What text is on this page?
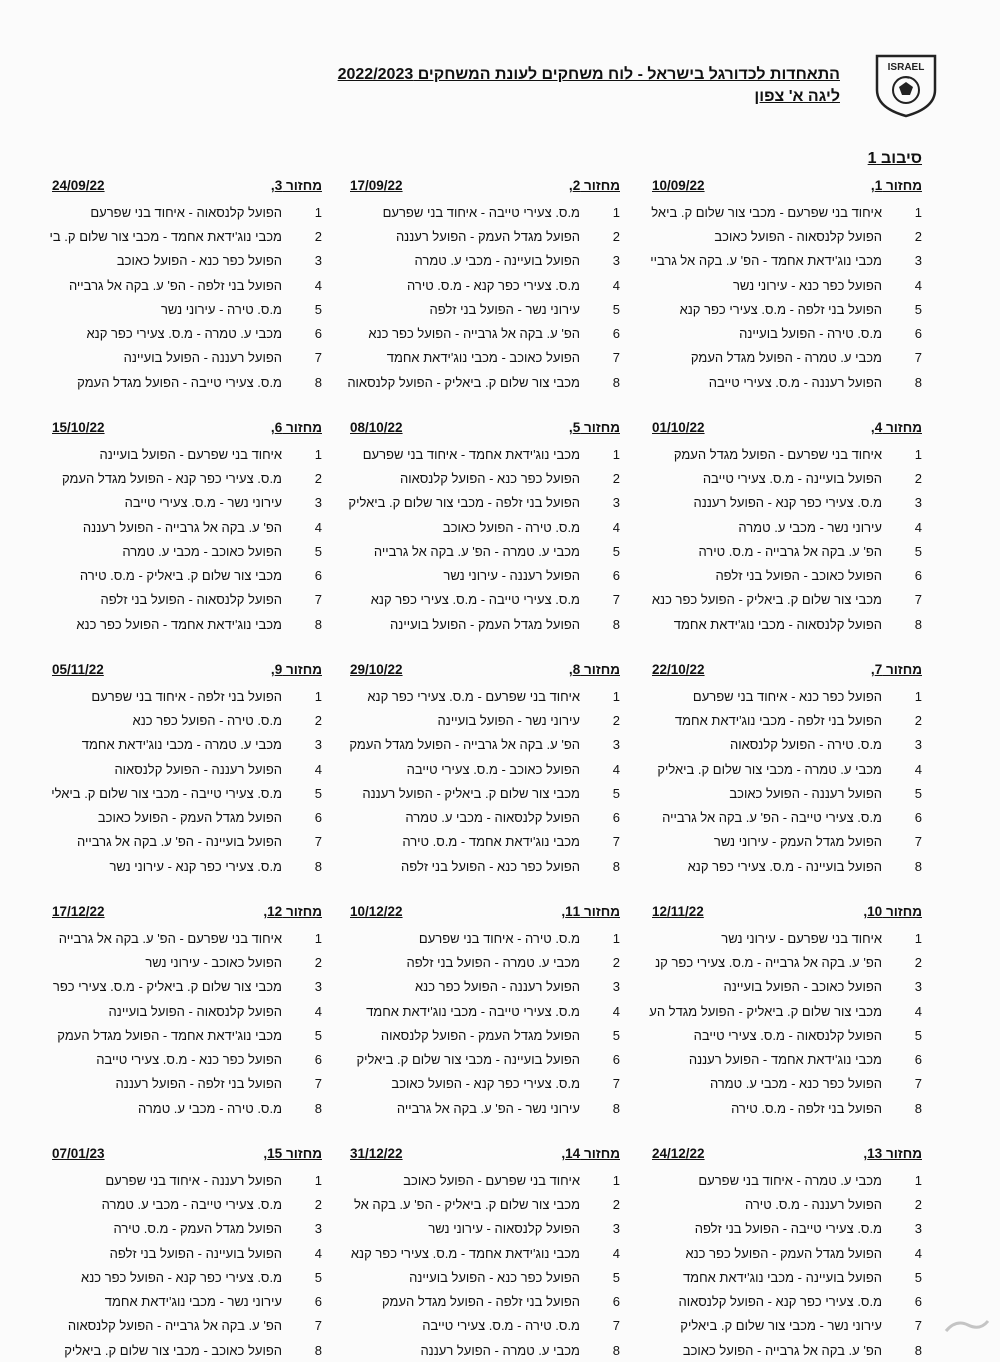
ISRAEL
התאחדות לכדורגל בישראל - לוח משחקים לעונת המשחקים 2022/2023
ליגה א' צפון
סיבוב 1
מחזור 1,
10/09/22
1
איחוד בני שפרעם - מכבי צור שלום ק. ביאל
2
הפועל קלנסאוה - הפועל כאוכב
3
מכבי נוג'ידאת אחמד - הפ' ע. בקה אל גרביי
4
הפועל כפר כנא - עירוני נשר
5
הפועל בני זלפה - מ.ס. צעירי כפר קנא
6
מ.ס. טירה - הפועל בועיינה
7
מכבי ע. טמרה - הפועל מגדל העמק
8
הפועל רעננה - מ.ס. צעירי טייבה
מחזור 2,
17/09/22
1
מ.ס. צעירי טייבה - איחוד בני שפרעם
2
הפועל מגדל העמק - הפועל רעננה
3
הפועל בועיינה - מכבי ע. טמרה
4
מ.ס. צעירי כפר קנא - מ.ס. טירה
5
עירוני נשר - הפועל בני זלפה
6
הפ' ע. בקה אל גרבייה - הפועל כפר כנא
7
הפועל כאוכב - מכבי נוג'ידאת אחמד
8
מכבי צור שלום ק. ביאליק - הפועל קלנסאוה
מחזור 3,
24/09/22
1
הפועל קלנסאוה - איחוד בני שפרעם
2
מכבי נוג'ידאת אחמד - מכבי צור שלום ק. בי
3
הפועל כפר כנא - הפועל כאוכב
4
הפועל בני זלפה - הפ' ע. בקה אל גרבייה
5
מ.ס. טירה - עירוני נשר
6
מכבי ע. טמרה - מ.ס. צעירי כפר קנא
7
הפועל רעננה - הפועל בועיינה
8
מ.ס. צעירי טייבה - הפועל מגדל העמק
מחזור 4,
01/10/22
1
איחוד בני שפרעם - הפועל מגדל העמק
2
הפועל בועיינה - מ.ס. צעירי טייבה
3
מ.ס. צעירי כפר קנא - הפועל רעננה
4
עירוני נשר - מכבי ע. טמרה
5
הפ' ע. בקה אל גרבייה - מ.ס. טירה
6
הפועל כאוכב - הפועל בני זלפה
7
מכבי צור שלום ק. ביאליק - הפועל כפר כנא
8
הפועל קלנסאוה - מכבי נוג'ידאת אחמד
מחזור 5,
08/10/22
1
מכבי נוג'ידאת אחמד - איחוד בני שפרעם
2
הפועל כפר כנא - הפועל קלנסאוה
3
הפועל בני זלפה - מכבי צור שלום ק. ביאליק
4
מ.ס. טירה - הפועל כאוכב
5
מכבי ע. טמרה - הפ' ע. בקה אל גרבייה
6
הפועל רעננה - עירוני נשר
7
מ.ס. צעירי טייבה - מ.ס. צעירי כפר קנא
8
הפועל מגדל העמק - הפועל בועיינה
מחזור 6,
15/10/22
1
איחוד בני שפרעם - הפועל בועיינה
2
מ.ס. צעירי כפר קנא - הפועל מגדל העמק
3
עירוני נשר - מ.ס. צעירי טייבה
4
הפ' ע. בקה אל גרבייה - הפועל רעננה
5
הפועל כאוכב - מכבי ע. טמרה
6
מכבי צור שלום ק. ביאליק - מ.ס. טירה
7
הפועל קלנסאוה - הפועל בני זלפה
8
מכבי נוג'ידאת אחמד - הפועל כפר כנא
מחזור 7,
22/10/22
1
הפועל כפר כנא - איחוד בני שפרעם
2
הפועל בני זלפה - מכבי נוג'ידאת אחמד
3
מ.ס. טירה - הפועל קלנסאוה
4
מכבי ע. טמרה - מכבי צור שלום ק. ביאליק
5
הפועל רעננה - הפועל כאוכב
6
מ.ס. צעירי טייבה - הפ' ע. בקה אל גרבייה
7
הפועל מגדל העמק - עירוני נשר
8
הפועל בועיינה - מ.ס. צעירי כפר קנא
מחזור 8,
29/10/22
1
איחוד בני שפרעם - מ.ס. צעירי כפר קנא
2
עירוני נשר - הפועל בועיינה
3
הפ' ע. בקה אל גרבייה - הפועל מגדל העמק
4
הפועל כאוכב - מ.ס. צעירי טייבה
5
מכבי צור שלום ק. ביאליק - הפועל רעננה
6
הפועל קלנסאוה - מכבי ע. טמרה
7
מכבי נוג'ידאת אחמד - מ.ס. טירה
8
הפועל כפר כנא - הפועל בני זלפה
מחזור 9,
05/11/22
1
הפועל בני זלפה - איחוד בני שפרעם
2
מ.ס. טירה - הפועל כפר כנא
3
מכבי ע. טמרה - מכבי נוג'ידאת אחמד
4
הפועל רעננה - הפועל קלנסאוה
5
מ.ס. צעירי טייבה - מכבי צור שלום ק. ביאלי
6
הפועל מגדל העמק - הפועל כאוכב
7
הפועל בועיינה - הפ' ע. בקה אל גרבייה
8
מ.ס. צעירי כפר קנא - עירוני נשר
מחזור 10,
12/11/22
1
איחוד בני שפרעם - עירוני נשר
2
הפ' ע. בקה אל גרבייה - מ.ס. צעירי כפר קנ
3
הפועל כאוכב - הפועל בועיינה
4
מכבי צור שלום ק. ביאליק - הפועל מגדל הע
5
הפועל קלנסאוה - מ.ס. צעירי טייבה
6
מכבי נוג'ידאת אחמד - הפועל רעננה
7
הפועל כפר כנא - מכבי ע. טמרה
8
הפועל בני זלפה - מ.ס. טירה
מחזור 11,
10/12/22
1
מ.ס. טירה - איחוד בני שפרעם
2
מכבי ע. טמרה - הפועל בני זלפה
3
הפועל רעננה - הפועל כפר כנא
4
מ.ס. צעירי טייבה - מכבי נוג'ידאת אחמד
5
הפועל מגדל העמק - הפועל קלנסאוה
6
הפועל בועיינה - מכבי צור שלום ק. ביאליק
7
מ.ס. צעירי כפר קנא - הפועל כאוכב
8
עירוני נשר - הפ' ע. בקה אל גרבייה
מחזור 12,
17/12/22
1
איחוד בני שפרעם - הפ' ע. בקה אל גרבייה
2
הפועל כאוכב - עירוני נשר
3
מכבי צור שלום ק. ביאליק - מ.ס. צעירי כפר
4
הפועל קלנסאוה - הפועל בועיינה
5
מכבי נוג'ידאת אחמד - הפועל מגדל העמק
6
הפועל כפר כנא - מ.ס. צעירי טייבה
7
הפועל בני זלפה - הפועל רעננה
8
מ.ס. טירה - מכבי ע. טמרה
מחזור 13,
24/12/22
1
מכבי ע. טמרה - איחוד בני שפרעם
2
הפועל רעננה - מ.ס. טירה
3
מ.ס. צעירי טייבה - הפועל בני זלפה
4
הפועל מגדל העמק - הפועל כפר כנא
5
הפועל בועיינה - מכבי נוג'ידאת אחמד
6
מ.ס. צעירי כפר קנא - הפועל קלנסאוה
7
עירוני נשר - מכבי צור שלום ק. ביאליק
8
הפ' ע. בקה אל גרבייה - הפועל כאוכב
מחזור 14,
31/12/22
1
איחוד בני שפרעם - הפועל כאוכב
2
מכבי צור שלום ק. ביאליק - הפ' ע. בקה אל
3
הפועל קלנסאוה - עירוני נשר
4
מכבי נוג'ידאת אחמד - מ.ס. צעירי כפר קנא
5
הפועל כפר כנא - הפועל בועיינה
6
הפועל בני זלפה - הפועל מגדל העמק
7
מ.ס. טירה - מ.ס. צעירי טייבה
8
מכבי ע. טמרה - הפועל רעננה
מחזור 15,
07/01/23
1
הפועל רעננה - איחוד בני שפרעם
2
מ.ס. צעירי טייבה - מכבי ע. טמרה
3
הפועל מגדל העמק - מ.ס. טירה
4
הפועל בועיינה - הפועל בני זלפה
5
מ.ס. צעירי כפר קנא - הפועל כפר כנא
6
עירוני נשר - מכבי נוג'ידאת אחמד
7
הפ' ע. בקה אל גרבייה - הפועל קלנסאוה
8
הפועל כאוכב - מכבי צור שלום ק. ביאליק
